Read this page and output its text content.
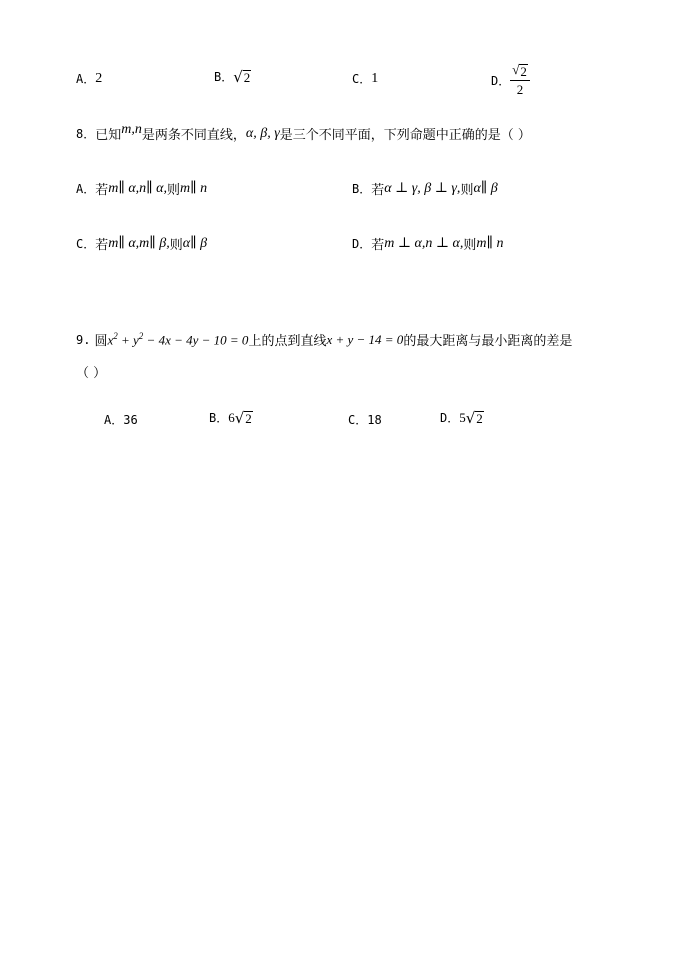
A． 2	B． √ 2	C． 1	D． $\frac{√ 2}{2}$
8． 已知 m,n 是两条不同直线， α, β, γ 是三个不同平面，下列命题中正确的是（ ）
A． 若 m∥ α,n∥ α, 则 m∥ n	B． 若 α ⊥ γ, β ⊥ γ, 则 α∥ β
C． 若 m∥ α,m∥ β, 则 α∥ β	D． 若 m ⊥ α,n ⊥ α, 则 m∥ n
9. 圆 $x^2 + y^2 - 4x - 4y - 10 = 0$ 上的点到直线 x + y − 14 = 0 的最大距离与最小距离的差是
（ ）
A． 36	B． 6 √ 2	C． 18	D． 5 √ 2
